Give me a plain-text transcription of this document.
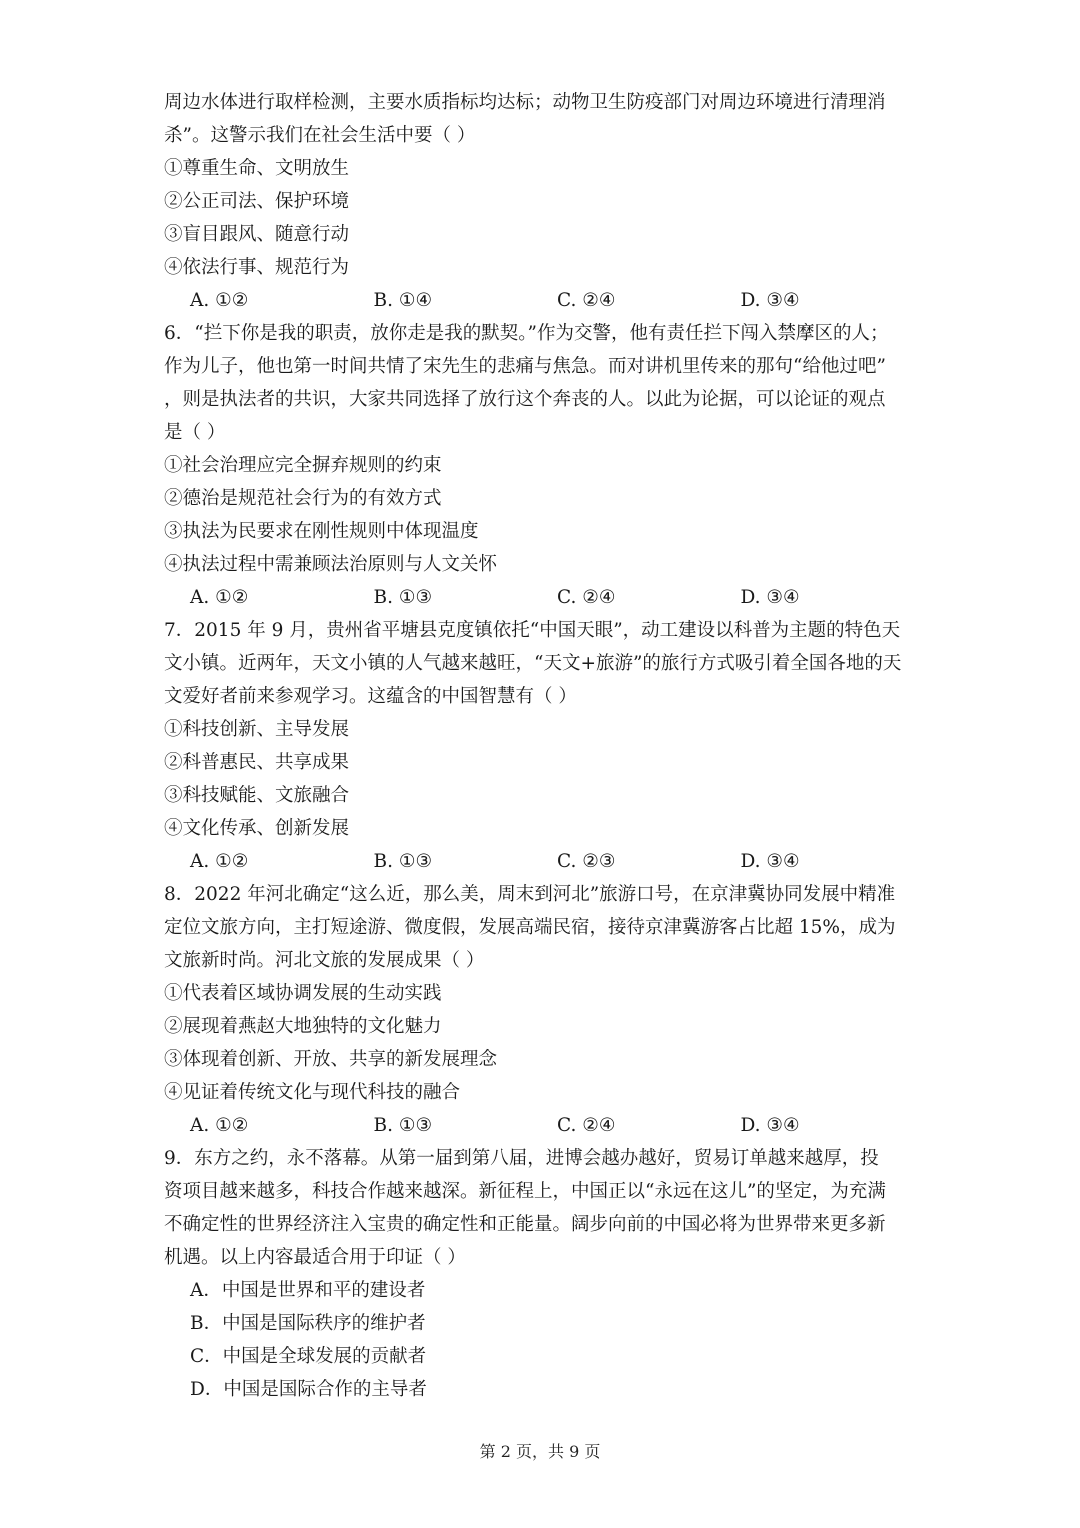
周边水体进行取样检测，主要水质指标均达标；动物卫生防疫部门对周边环境进行清理消
杀”。这警示我们在社会生活中要（ ）
①尊重生命、文明放生
②公正司法、保护环境
③盲目跟风、随意行动
④依法行事、规范行为
A. ①②	B. ①④	C. ②④	D. ③④
6．“拦下你是我的职责，放你走是我的默契。”作为交警，他有责任拦下闯入禁摩区的人；
作为儿子，他也第一时间共情了宋先生的悲痛与焦急。而对讲机里传来的那句“给他过吧”
，则是执法者的共识，大家共同选择了放行这个奔丧的人。以此为论据，可以论证的观点
是（ ）
①社会治理应完全摒弃规则的约束
②德治是规范社会行为的有效方式
③执法为民要求在刚性规则中体现温度
④执法过程中需兼顾法治原则与人文关怀
A. ①②	B. ①③	C. ②④	D. ③④
7．2015 年 9 月，贵州省平塘县克度镇依托“中国天眼”，动工建设以科普为主题的特色天
文小镇。近两年，天文小镇的人气越来越旺，“天文+旅游”的旅行方式吸引着全国各地的天
文爱好者前来参观学习。这蕴含的中国智慧有（ ）
①科技创新、主导发展
②科普惠民、共享成果
③科技赋能、文旅融合
④文化传承、创新发展
A. ①②	B. ①③	C. ②③	D. ③④
8．2022 年河北确定“这么近，那么美，周末到河北”旅游口号，在京津冀协同发展中精准
定位文旅方向，主打短途游、微度假，发展高端民宿，接待京津冀游客占比超 15%，成为
文旅新时尚。河北文旅的发展成果（ ）
①代表着区域协调发展的生动实践
②展现着燕赵大地独特的文化魅力
③体现着创新、开放、共享的新发展理念
④见证着传统文化与现代科技的融合
A. ①②	B. ①③	C. ②④	D. ③④
9．东方之约，永不落幕。从第一届到第八届，进博会越办越好，贸易订单越来越厚，投
资项目越来越多，科技合作越来越深。新征程上，中国正以“永远在这儿”的坚定，为充满
不确定性的世界经济注入宝贵的确定性和正能量。阔步向前的中国必将为世界带来更多新
机遇。以上内容最适合用于印证（ ）
A．中国是世界和平的建设者
B．中国是国际秩序的维护者
C．中国是全球发展的贡献者
D．中国是国际合作的主导者
第 2 页，共 9 页
